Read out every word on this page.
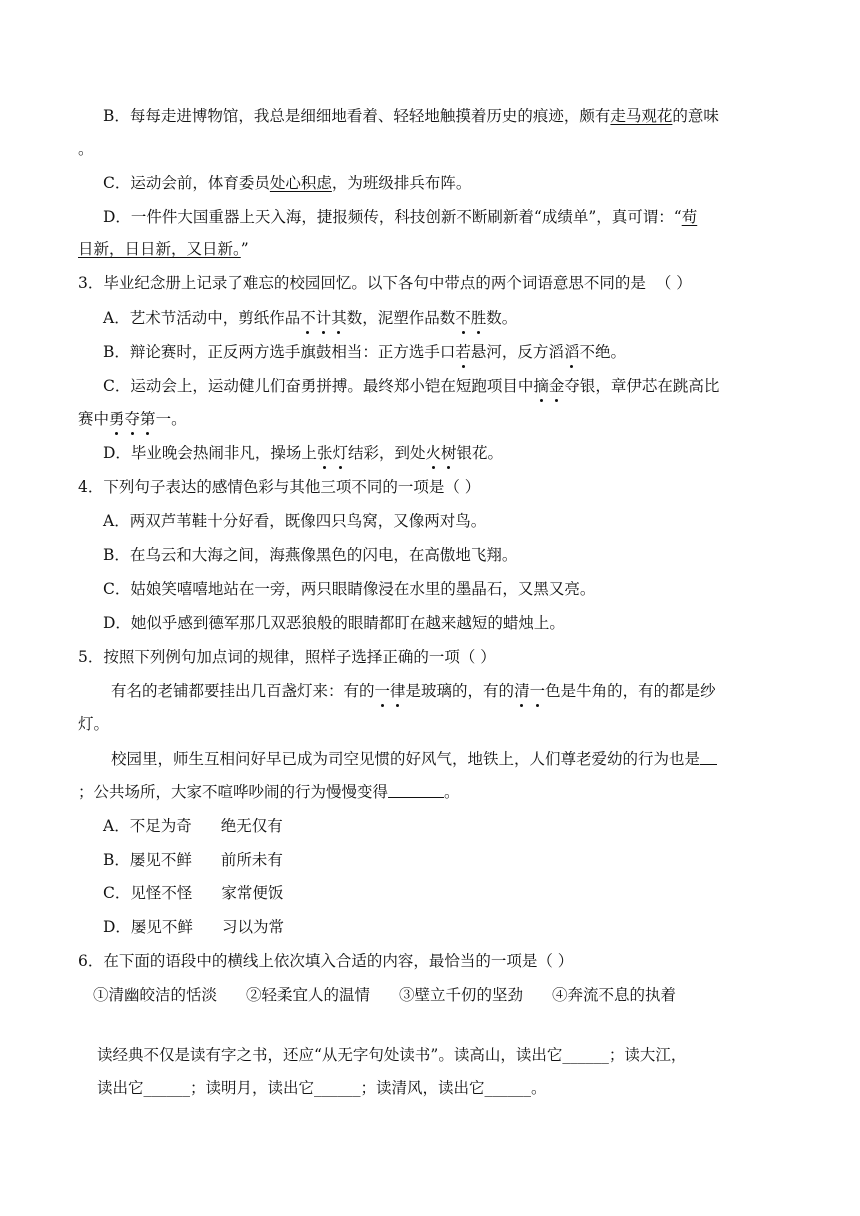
B．每每走进博物馆，我总是细细地看着、轻轻地触摸着历史的痕迹，颇有走马观花的意味
。
C．运动会前，体育委员处心积虑，为班级排兵布阵。
D．一件件大国重器上天入海，捷报频传，科技创新不断刷新着“成绩单”，真可谓：“苟
日新，日日新，又日新。”
3．毕业纪念册上记录了难忘的校园回忆。以下各句中带点的两个词语意思不同的是 （ ）
A．艺术节活动中，剪纸作品不计其数，泥塑作品数不胜数。
B．辩论赛时，正反两方选手旗鼓相当：正方选手口若悬河，反方滔滔不绝。
C．运动会上，运动健儿们奋勇拼搏。最终郑小铠在短跑项目中摘金夺银，章伊芯在跳高比
赛中勇夺第一。
D．毕业晚会热闹非凡，操场上张灯结彩，到处火树银花。
4．下列句子表达的感情色彩与其他三项不同的一项是（ ）
A．两双芦苇鞋十分好看，既像四只鸟窝，又像两对鸟。
B．在乌云和大海之间，海燕像黑色的闪电，在高傲地飞翔。
C．姑娘笑嘻嘻地站在一旁，两只眼睛像浸在水里的墨晶石，又黑又亮。
D．她似乎感到德军那几双恶狼般的眼睛都盯在越来越短的蜡烛上。
5．按照下列例句加点词的规律，照样子选择正确的一项（ ）
有名的老铺都要挂出几百盏灯来：有的一律是玻璃的，有的清一色是牛角的，有的都是纱
灯。
校园里，师生互相问好早已成为司空见惯的好风气，地铁上，人们尊老爱幼的行为也是
；公共场所，大家不喧哗吵闹的行为慢慢变得	。
A．不足为奇 绝无仅有
B．屡见不鲜 前所未有
C．见怪不怪 家常便饭
D．屡见不鲜 习以为常
6．在下面的语段中的横线上依次填入合适的内容，最恰当的一项是（ ）
①清幽皎洁的恬淡 ②轻柔宜人的温情 ③壁立千仞的坚劲 ④奔流不息的执着
读经典不仅是读有字之书，还应“从无字句处读书”。读高山，读出它______；读大江，
读出它______；读明月，读出它______；读清风，读出它______。
